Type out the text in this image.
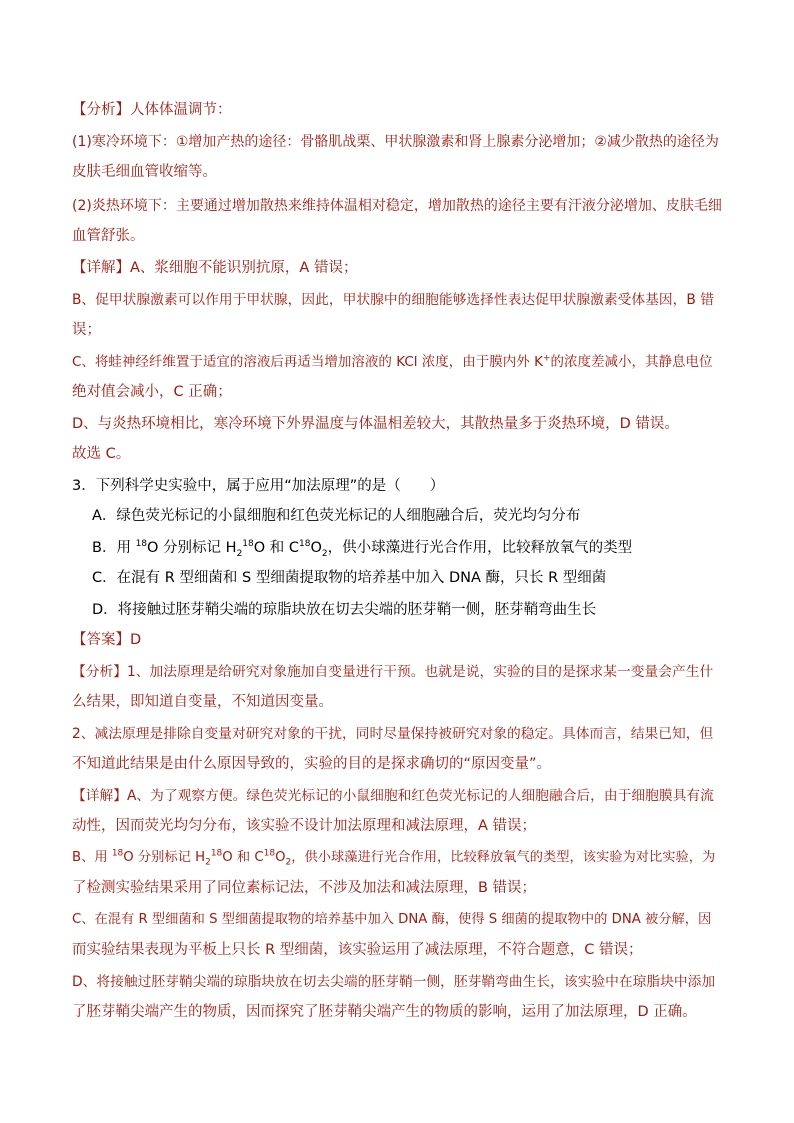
【分析】人体体温调节：
(1)寒冷环境下：①增加产热的途径：骨骼肌战栗、甲状腺激素和肾上腺素分泌增加；②减少散热的途径为
皮肤毛细血管收缩等。
(2)炎热环境下：主要通过增加散热来维持体温相对稳定，增加散热的途径主要有汗液分泌增加、皮肤毛细
血管舒张。
【详解】A、浆细胞不能识别抗原，A 错误；
B、促甲状腺激素可以作用于甲状腺，因此，甲状腺中的细胞能够选择性表达促甲状腺激素受体基因，B 错
误；
C、将蛙神经纤维置于适宜的溶液后再适当增加溶液的 KCl 浓度，由于膜内外 K+的浓度差减小，其静息电位
绝对值会减小，C 正确；
D、与炎热环境相比，寒冷环境下外界温度与体温相差较大，其散热量多于炎热环境，D 错误。
故选 C。
3．下列科学史实验中，属于应用“加法原理”的是（　　）
A．绿色荧光标记的小鼠细胞和红色荧光标记的人细胞融合后，荧光均匀分布
B．用 $^{18}$O 分别标记 $H_2^{18}O$ 和 $C^{18}O_2$，供小球藻进行光合作用，比较释放氧气的类型
C．在混有 R 型细菌和 S 型细菌提取物的培养基中加入 DNA 酶，只长 R 型细菌
D．将接触过胚芽鞘尖端的琼脂块放在切去尖端的胚芽鞘一侧，胚芽鞘弯曲生长
【答案】D
【分析】1、加法原理是给研究对象施加自变量进行干预。也就是说，实验的目的是探求某一变量会产生什
么结果，即知道自变量，不知道因变量。
2、减法原理是排除自变量对研究对象的干扰，同时尽量保持被研究对象的稳定。具体而言，结果已知，但
不知道此结果是由什么原因导致的，实验的目的是探求确切的“原因变量”。
【详解】A、为了观察方便。绿色荧光标记的小鼠细胞和红色荧光标记的人细胞融合后，由于细胞膜具有流
动性，因而荧光均匀分布，该实验不设计加法原理和减法原理，A 错误；
B、用 $^{18}$O 分别标记 $H_2^{18}O$ 和 $C^{18}O_2$，供小球藻进行光合作用，比较释放氧气的类型，该实验为对比实验，为
了检测实验结果采用了同位素标记法，不涉及加法和减法原理，B 错误；
C、在混有 R 型细菌和 S 型细菌提取物的培养基中加入 DNA 酶，使得 S 细菌的提取物中的 DNA 被分解，因
而实验结果表现为平板上只长 R 型细菌，该实验运用了减法原理，不符合题意，C 错误；
D、将接触过胚芽鞘尖端的琼脂块放在切去尖端的胚芽鞘一侧，胚芽鞘弯曲生长，该实验中在琼脂块中添加
了胚芽鞘尖端产生的物质，因而探究了胚芽鞘尖端产生的物质的影响，运用了加法原理，D 正确。
